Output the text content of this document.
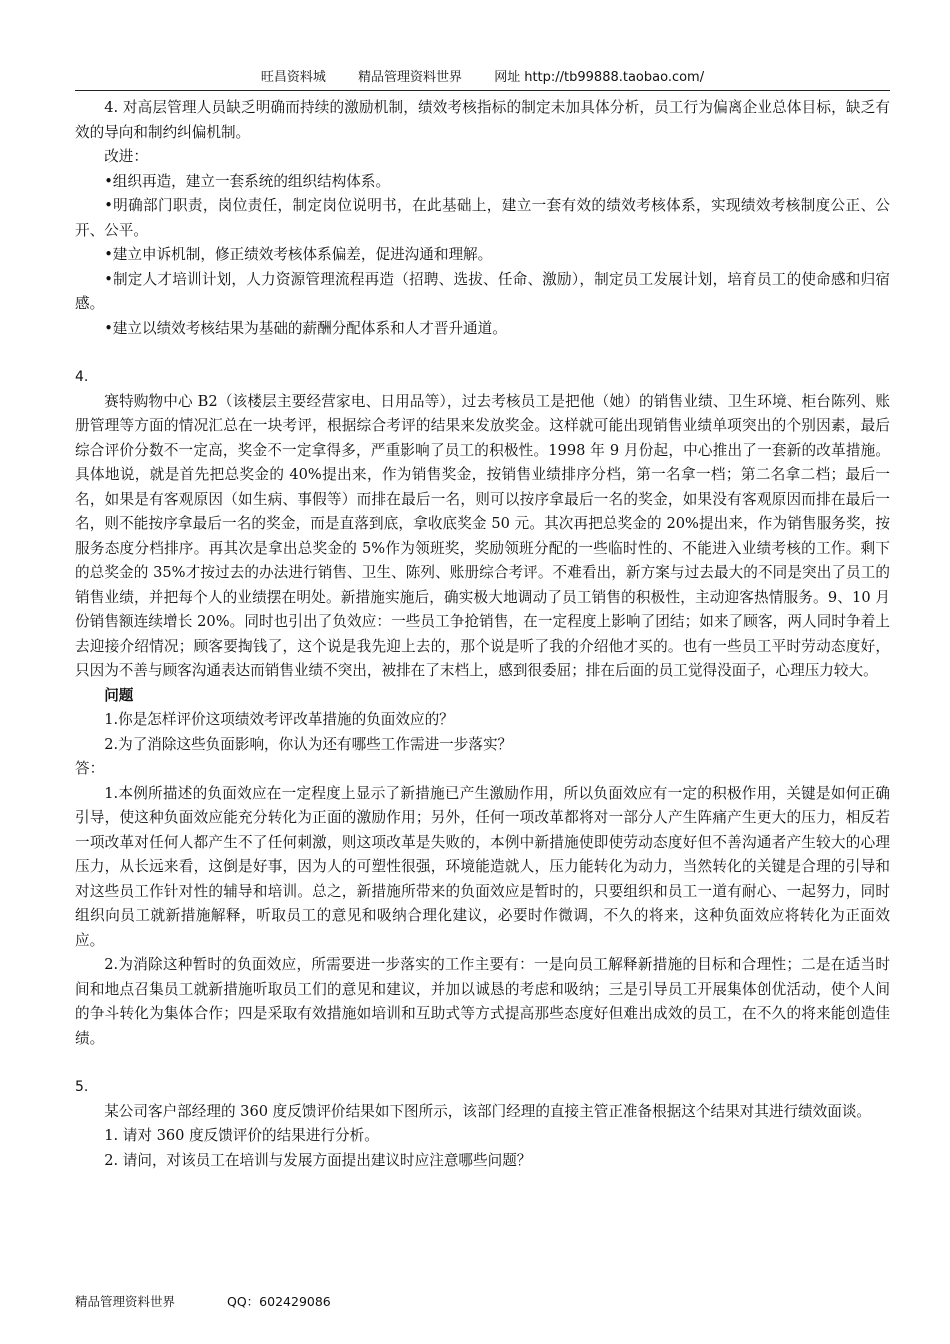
旺昌资料城 精品管理资料世界 网址 http://tb99888.taobao.com/

4. 对高层管理人员缺乏明确而持续的激励机制，绩效考核指标的制定未加具体分析，员工行为偏离企业总体目标，缺乏有效的导向和制约纠偏机制。

改进：

•组织再造，建立一套系统的组织结构体系。

•明确部门职责，岗位责任，制定岗位说明书，在此基础上，建立一套有效的绩效考核体系，实现绩效考核制度公正、公开、公平。

•建立申诉机制，修正绩效考核体系偏差，促进沟通和理解。

•制定人才培训计划，人力资源管理流程再造（招聘、选拔、任命、激励），制定员工发展计划，培育员工的使命感和归宿感。

•建立以绩效考核结果为基础的薪酬分配体系和人才晋升通道。

4.

赛特购物中心 B2（该楼层主要经营家电、日用品等），过去考核员工是把他（她）的销售业绩、卫生环境、柜台陈列、账册管理等方面的情况汇总在一块考评，根据综合考评的结果来发放奖金。这样就可能出现销售业绩单项突出的个别因素，最后综合评价分数不一定高，奖金不一定拿得多，严重影响了员工的积极性。1998 年 9 月份起，中心推出了一套新的改革措施。具体地说，就是首先把总奖金的 40%提出来，作为销售奖金，按销售业绩排序分档，第一名拿一档；第二名拿二档；最后一名，如果是有客观原因（如生病、事假等）而排在最后一名，则可以按序拿最后一名的奖金，如果没有客观原因而排在最后一名，则不能按序拿最后一名的奖金，而是直落到底，拿收底奖金 50 元。其次再把总奖金的 20%提出来，作为销售服务奖，按服务态度分档排序。再其次是拿出总奖金的 5%作为领班奖，奖励领班分配的一些临时性的、不能进入业绩考核的工作。剩下的总奖金的 35%才按过去的办法进行销售、卫生、陈列、账册综合考评。不难看出，新方案与过去最大的不同是突出了员工的销售业绩，并把每个人的业绩摆在明处。新措施实施后，确实极大地调动了员工销售的积极性，主动迎客热情服务。9、10 月份销售额连续增长 20%。同时也引出了负效应：一些员工争抢销售，在一定程度上影响了团结；如来了顾客，两人同时争着上去迎接介绍情况；顾客要掏钱了，这个说是我先迎上去的，那个说是听了我的介绍他才买的。也有一些员工平时劳动态度好，只因为不善与顾客沟通表达而销售业绩不突出，被排在了末档上，感到很委屈；排在后面的员工觉得没面子，心理压力较大。

问题

1.你是怎样评价这项绩效考评改革措施的负面效应的？

2.为了消除这些负面影响，你认为还有哪些工作需进一步落实？

答：

1.本例所描述的负面效应在一定程度上显示了新措施已产生激励作用，所以负面效应有一定的积极作用，关键是如何正确引导，使这种负面效应能充分转化为正面的激励作用；另外，任何一项改革都将对一部分人产生阵痛产生更大的压力，相反若一项改革对任何人都产生不了任何刺激，则这项改革是失败的，本例中新措施使即使劳动态度好但不善沟通者产生较大的心理压力，从长远来看，这倒是好事，因为人的可塑性很强，环境能造就人，压力能转化为动力，当然转化的关键是合理的引导和对这些员工作针对性的辅导和培训。总之，新措施所带来的负面效应是暂时的，只要组织和员工一道有耐心、一起努力，同时组织向员工就新措施解释，听取员工的意见和吸纳合理化建议，必要时作微调，不久的将来，这种负面效应将转化为正面效应。

2.为消除这种暂时的负面效应，所需要进一步落实的工作主要有：一是向员工解释新措施的目标和合理性；二是在适当时间和地点召集员工就新措施听取员工们的意见和建议，并加以诚恳的考虑和吸纳；三是引导员工开展集体创优活动，使个人间的争斗转化为集体合作；四是采取有效措施如培训和互助式等方式提高那些态度好但难出成效的员工，在不久的将来能创造佳绩。

5.

某公司客户部经理的 360 度反馈评价结果如下图所示，该部门经理的直接主管正准备根据这个结果对其进行绩效面谈。

1. 请对 360 度反馈评价的结果进行分析。

2. 请问，对该员工在培训与发展方面提出建议时应注意哪些问题？

精品管理资料世界	QQ：602429086
